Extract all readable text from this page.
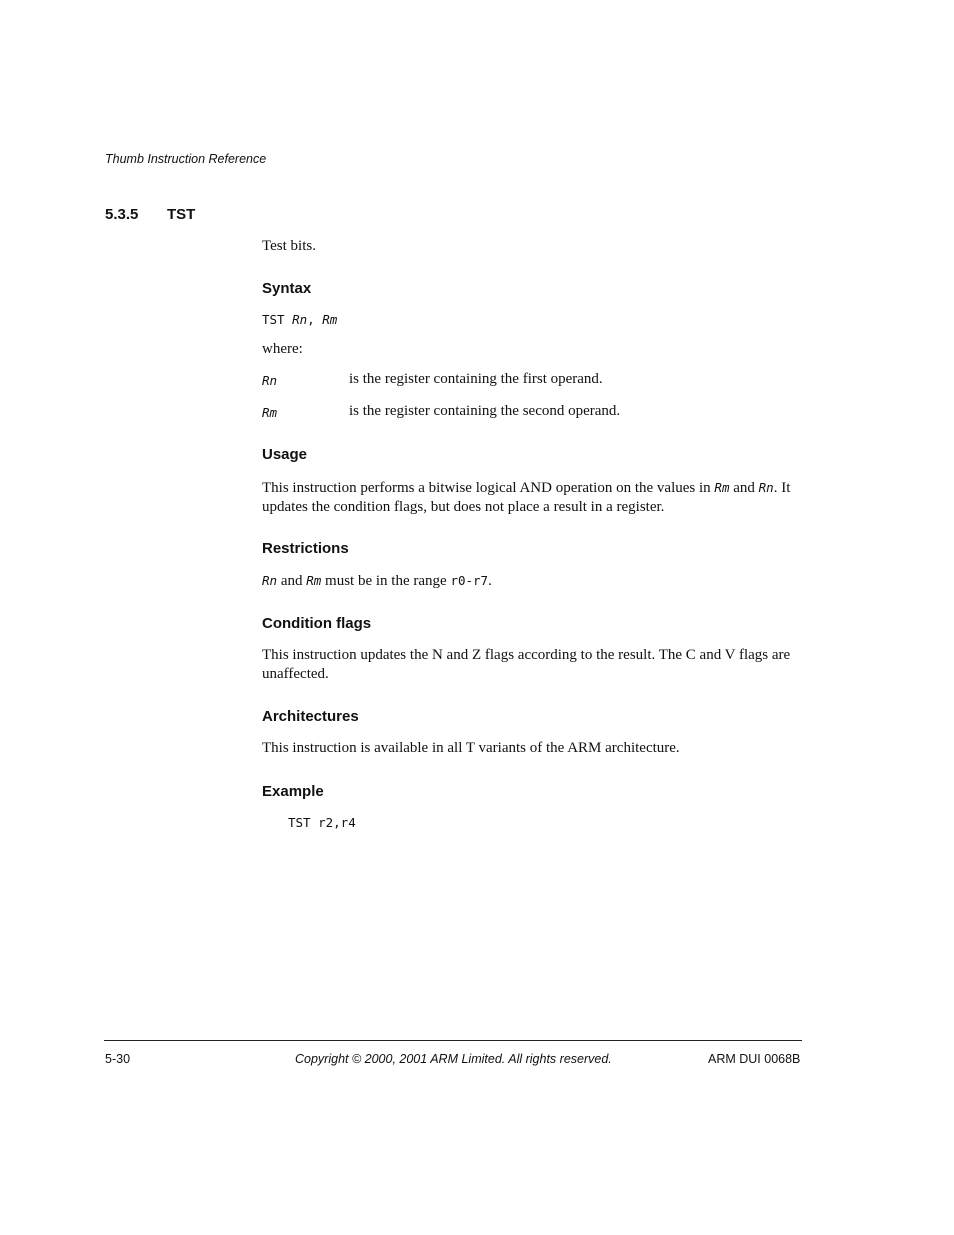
Thumb Instruction Reference
5.3.5 TST
Test bits.
Syntax
TST Rn, Rm
where:
Rn	is the register containing the first operand.
Rm	is the register containing the second operand.
Usage
This instruction performs a bitwise logical AND operation on the values in Rm and Rn. It updates the condition flags, but does not place a result in a register.
Restrictions
Rn and Rm must be in the range r0-r7.
Condition flags
This instruction updates the N and Z flags according to the result. The C and V flags are unaffected.
Architectures
This instruction is available in all T variants of the ARM architecture.
Example
TST r2,r4
5-30	Copyright © 2000, 2001 ARM Limited. All rights reserved.	ARM DUI 0068B
